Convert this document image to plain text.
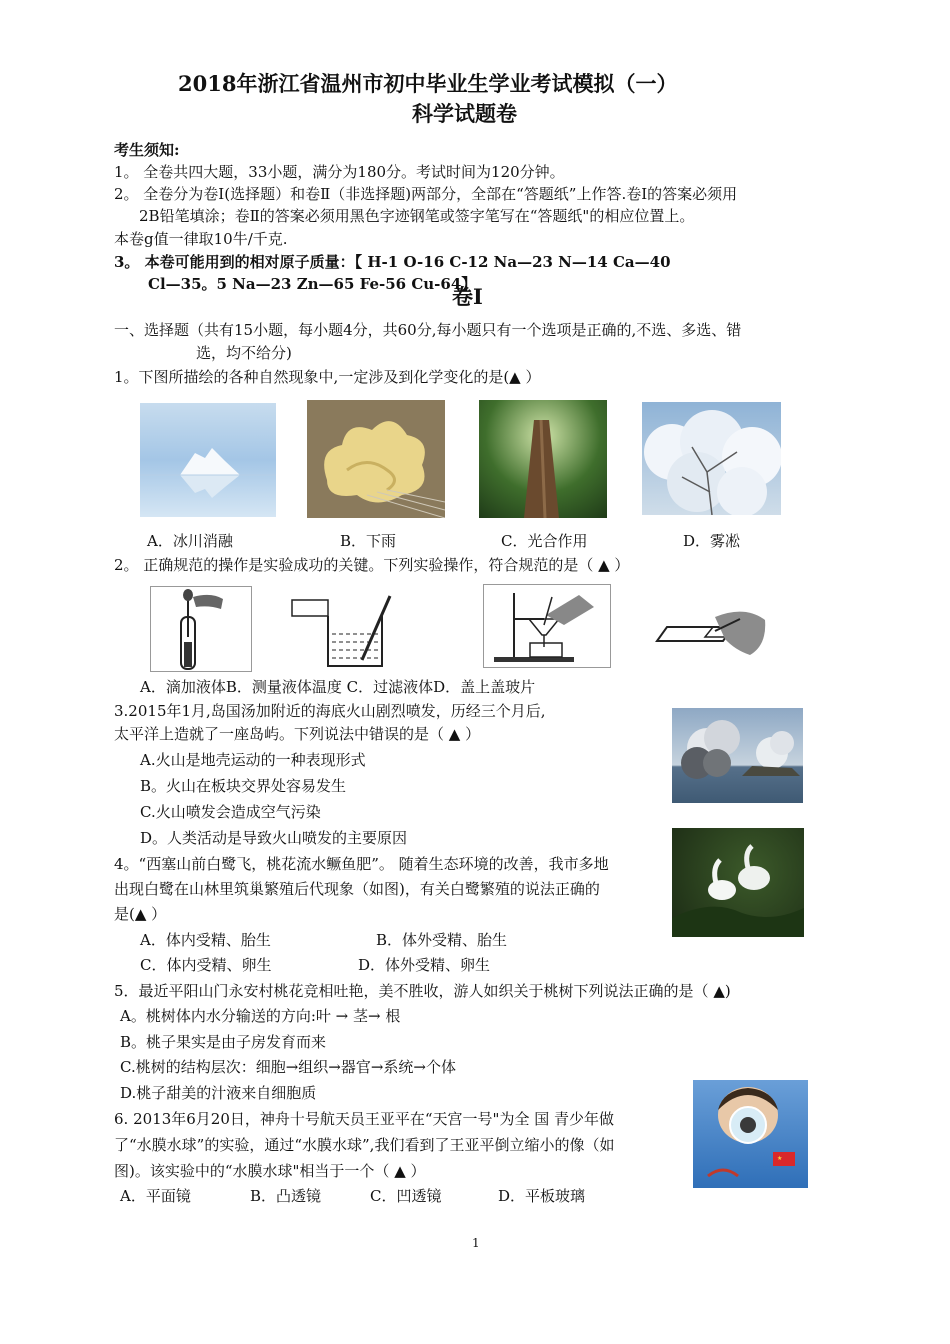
2018年浙江省温州市初中毕业生学业考试模拟（一）
科学试题卷
考生须知:
1。 全卷共四大题，33小题，满分为180分。考试时间为120分钟。
2。 全卷分为卷Ⅰ(选择题）和卷Ⅱ（非选择题)两部分，全部在“答题纸”上作答.卷Ⅰ的答案必须用
2B铅笔填涂；卷Ⅱ的答案必须用黑色字迹钢笔或签字笔写在“答题纸"的相应位置上。
本卷g值一律取10牛/千克.
3。 本卷可能用到的相对原子质量：【 H-1 O-16 C-12 Na—23 N—14 Ca—40
Cl—35。5 Na—23 Zn—65 Fe-56 Cu-64】
卷Ⅰ
一、选择题（共有15小题，每小题4分，共60分,每小题只有一个选项是正确的,不选、多选、错
选，均不给分)
1。下图所描绘的各种自然现象中,一定涉及到化学变化的是(▲ ）
A．冰川消融	B．下雨	C．光合作用	D．雾凇
2。 正确规范的操作是实验成功的关键。下列实验操作，符合规范的是（ ▲ ）
A．滴加液体B．测量液体温度 C．过滤液体D．盖上盖玻片
3.2015年1月,岛国汤加附近的海底火山剧烈喷发，历经三个月后,
太平洋上造就了一座岛屿。下列说法中错误的是（ ▲ ）
A.火山是地壳运动的一种表现形式
B。火山在板块交界处容易发生
C.火山喷发会造成空气污染
D。人类活动是导致火山喷发的主要原因
4。“西塞山前白鹭飞，桃花流水鳜鱼肥”。 随着生态环境的改善，我市多地
出现白鹭在山林里筑巢繁殖后代现象（如图)，有关白鹭繁殖的说法正确的
是(▲ ）
A．体内受精、胎生	B．体外受精、胎生
C．体内受精、卵生	D．体外受精、卵生
5．最近平阳山门永安村桃花竞相吐艳，美不胜收，游人如织关于桃树下列说法正确的是（ ▲)
A。桃树体内水分输送的方向:叶 → 茎→ 根
B。桃子果实是由子房发育而来
C.桃树的结构层次：细胞→组织→器官→系统→个体
D.桃子甜美的汁液来自细胞质
6. 2013年6月20日，神舟十号航天员王亚平在“天宫一号"为全 国 青少年做
了“水膜水球”的实验，通过“水膜水球”,我们看到了王亚平倒立缩小的像（如
图)。该实验中的“水膜水球"相当于一个（ ▲ ）
A．平面镜	B．凸透镜	C．凹透镜	D．平板玻璃
★
1
